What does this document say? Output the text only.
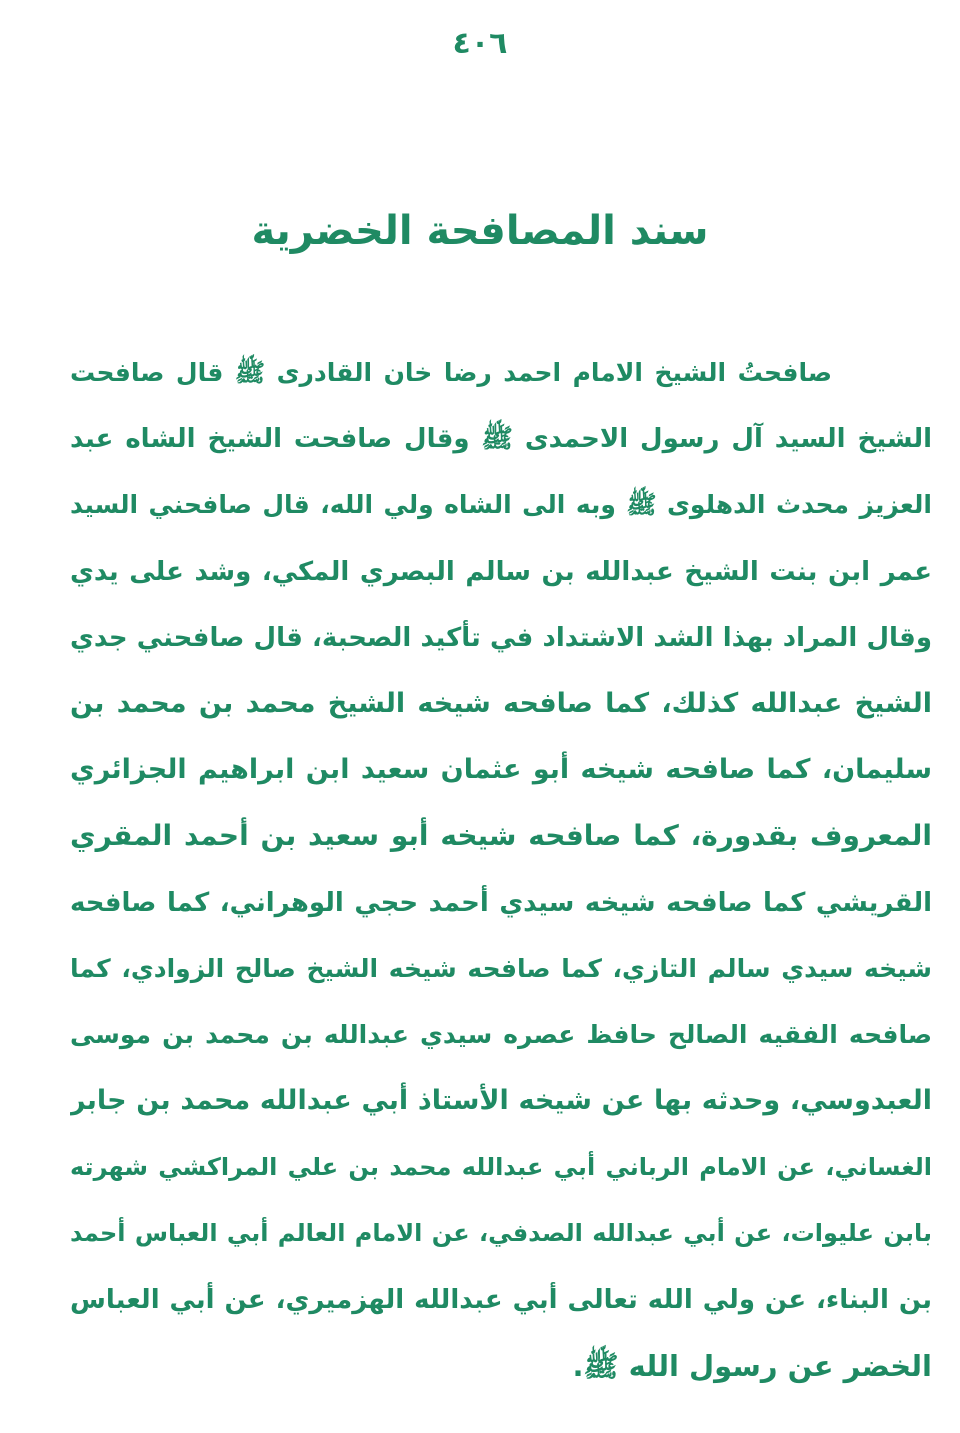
٤٠٦
سند المصافحة الخضرية
صافحتُ الشيخ الامام احمد رضا خان القادرى ﷺ قال صافحت
الشيخ السيد آل رسول الاحمدى ﷺ وقال صافحت الشيخ الشاه عبد
العزيز محدث الدهلوى ﷺ وبه الى الشاه ولي الله، قال صافحني السيد
عمر ابن بنت الشيخ عبدالله بن سالم البصري المكي، وشد على يدي
وقال المراد بهذا الشد الاشتداد في تأكيد الصحبة، قال صافحني جدي
الشيخ عبدالله كذلك، كما صافحه شيخه الشيخ محمد بن محمد بن
سليمان، كما صافحه شيخه أبو عثمان سعيد ابن ابراهيم الجزائري
المعروف بقدورة، كما صافحه شيخه أبو سعيد بن أحمد المقري
القريشي كما صافحه شيخه سيدي أحمد حجي الوهراني، كما صافحه
شيخه سيدي سالم التازي، كما صافحه شيخه الشيخ صالح الزوادي، كما
صافحه الفقيه الصالح حافظ عصره سيدي عبدالله بن محمد بن موسى
العبدوسي، وحدثه بها عن شيخه الأستاذ أبي عبدالله محمد بن جابر
الغساني، عن الامام الرباني أبي عبدالله محمد بن علي المراكشي شهرته
بابن عليوات، عن أبي عبدالله الصدفي، عن الامام العالم أبي العباس أحمد
بن البناء، عن ولي الله تعالى أبي عبدالله الهزميري، عن أبي العباس
الخضر عن رسول الله ﷺ.
